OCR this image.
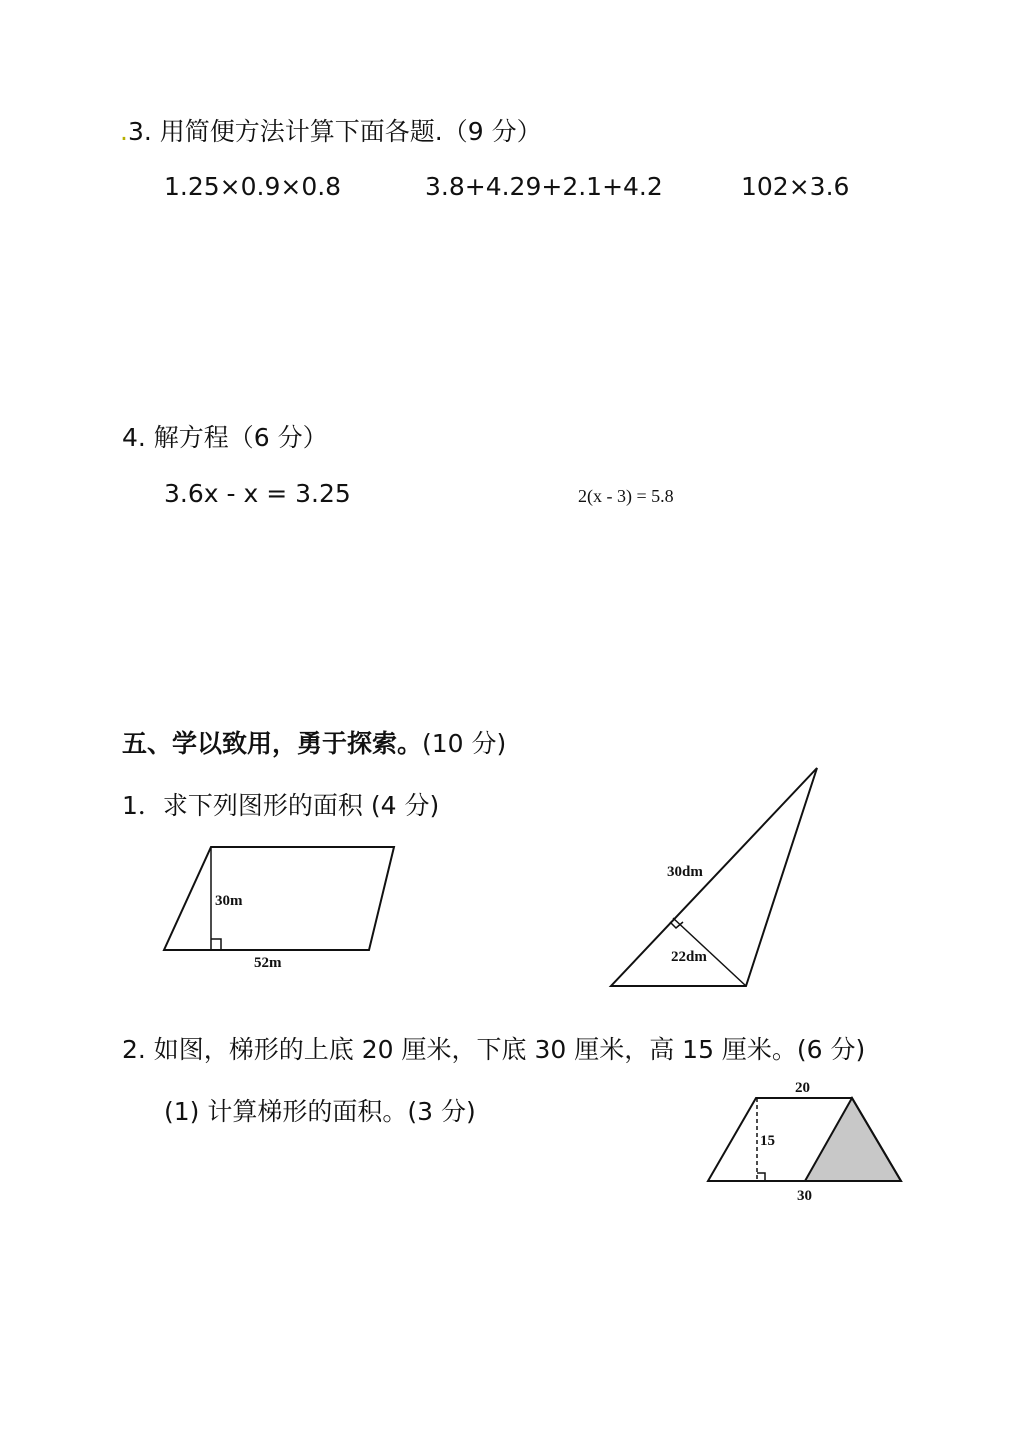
.3. 用简便方法计算下面各题.（9 分）
1.25×0.9×0.8	3.8+4.29+2.1+4.2	102×3.6
4. 解方程（6 分）
3.6x - x = 3.25	2(x - 3) = 5.8
五、学以致用，勇于探索。(10 分)
1．求下列图形的面积 (4 分)
30m
52m
30dm
22dm
2. 如图，梯形的上底 20 厘米，下底 30 厘米，高 15 厘米。(6 分)
(1) 计算梯形的面积。(3 分)
20
15
30
